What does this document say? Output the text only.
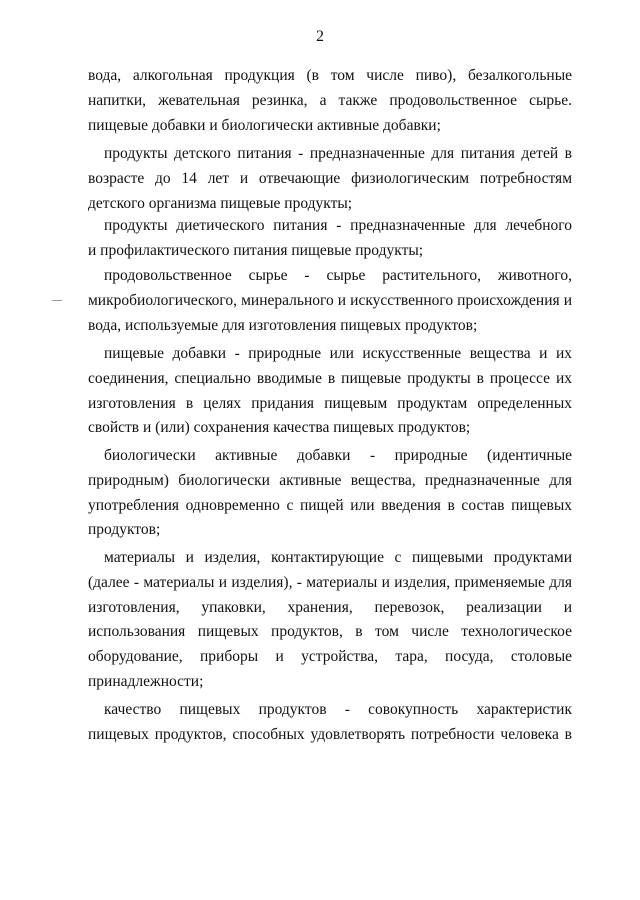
2
вода, алкогольная продукция (в том числе пиво), безалкогольные
напитки, жевательная резинка, а также продовольственное сырье.
пищевые добавки и биологически активные добавки;
продукты детского питания - предназначенные для питания детей в
возрасте до 14 лет и отвечающие физиологическим потребностям
детского организма пищевые продукты;
продукты диетического питания - предназначенные для лечебного
и профилактического питания пищевые продукты;
продовольственное сырье - сырье растительного, животного,
микробиологического, минерального и искусственного происхождения и
вода, используемые для изготовления пищевых продуктов;
пищевые добавки - природные или искусственные вещества и их
соединения, специально вводимые в пищевые продукты в процессе их
изготовления в целях придания пищевым продуктам определенных
свойств и (или) сохранения качества пищевых продуктов;
биологически активные добавки - природные (идентичные
природным) биологически активные вещества, предназначенные для
употребления одновременно с пищей или введения в состав пищевых
продуктов;
материалы и изделия, контактирующие с пищевыми продуктами
(далее - материалы и изделия), - материалы и изделия, применяемые для
изготовления, упаковки, хранения, перевозок, реализации и
использования пищевых продуктов, в том числе технологическое
оборудование, приборы и устройства, тара, посуда, столовые
принадлежности;
качество пищевых продуктов - совокупность характеристик
пищевых продуктов, способных удовлетворять потребности человека в
